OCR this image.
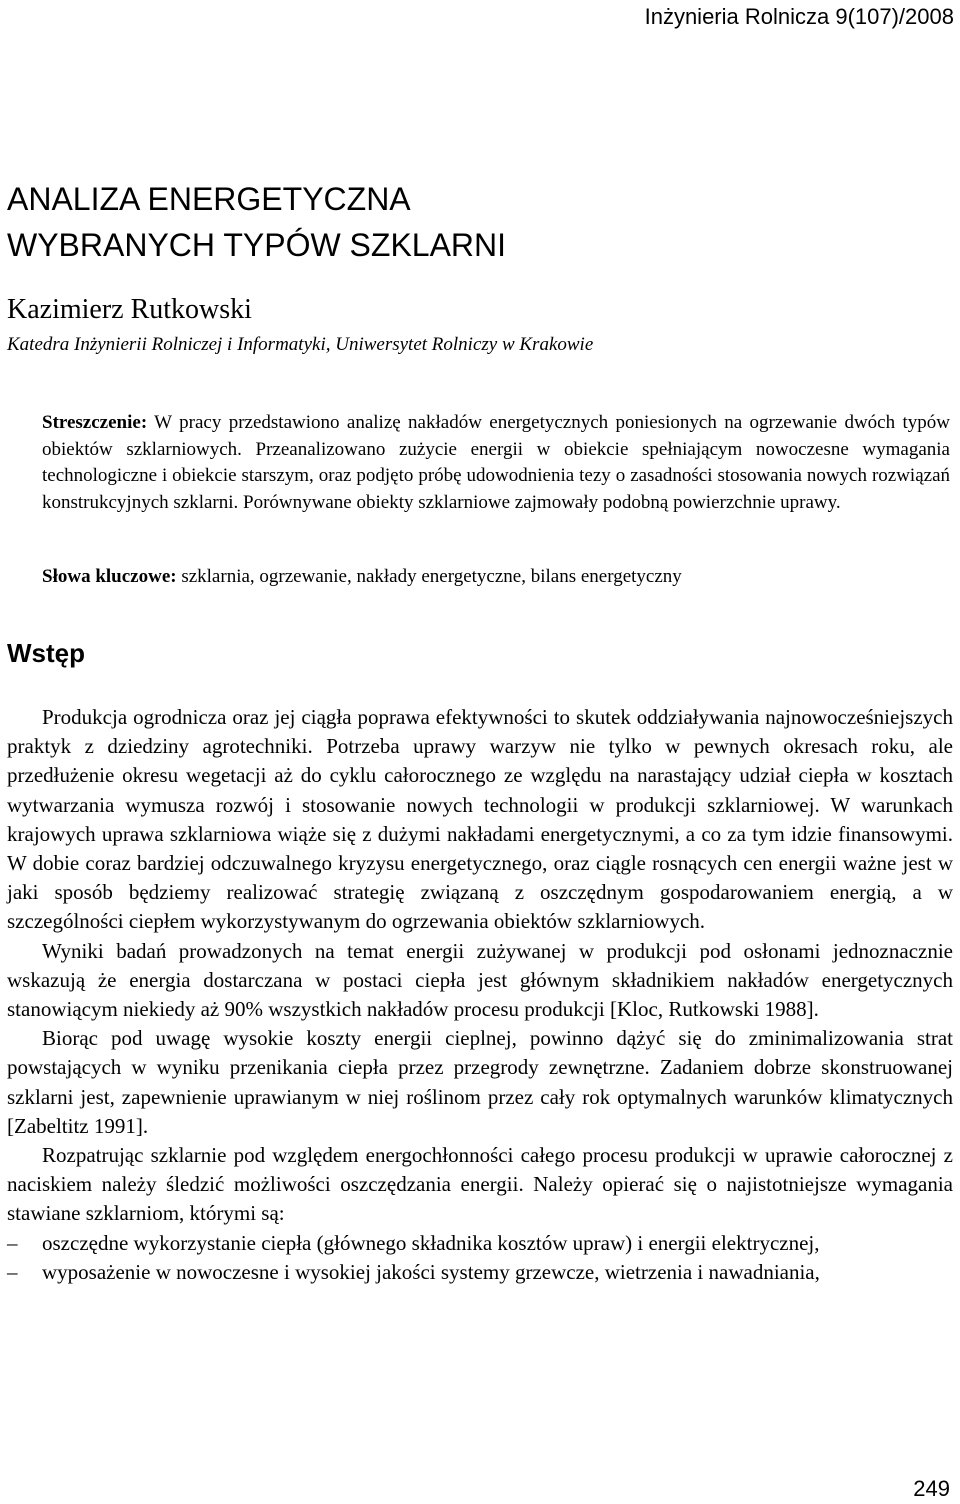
Inżynieria Rolnicza 9(107)/2008
ANALIZA ENERGETYCZNA
WYBRANYCH TYPÓW SZKLARNI
Kazimierz Rutkowski
Katedra Inżynierii Rolniczej i Informatyki, Uniwersytet Rolniczy w Krakowie

Streszczenie: W pracy przedstawiono analizę nakładów energetycznych poniesionych na ogrzewanie dwóch typów obiektów szklarniowych. Przeanalizowano zużycie energii w obiekcie spełniającym nowoczesne wymagania technologiczne i obiekcie starszym, oraz podjęto próbę udowodnienia tezy o zasadności stosowania nowych rozwiązań konstrukcyjnych szklarni. Porównywane obiekty szklarniowe zajmowały podobną powierzchnie uprawy.

Słowa kluczowe: szklarnia, ogrzewanie, nakłady energetyczne, bilans energetyczny
Wstęp

Produkcja ogrodnicza oraz jej ciągła poprawa efektywności to skutek oddziaływania najnowocześniejszych praktyk z dziedziny agrotechniki. Potrzeba uprawy warzyw nie tylko w pewnych okresach roku, ale przedłużenie okresu wegetacji aż do cyklu całorocznego ze względu na narastający udział ciepła w kosztach wytwarzania wymusza rozwój i stosowanie nowych technologii w produkcji szklarniowej. W warunkach krajowych uprawa szklarniowa wiąże się z dużymi nakładami energetycznymi, a co za tym idzie finansowymi. W dobie coraz bardziej odczuwalnego kryzysu energetycznego, oraz ciągle rosnących cen energii ważne jest w jaki sposób będziemy realizować strategię związaną z oszczędnym gospodarowaniem energią, a w szczególności ciepłem wykorzystywanym do ogrzewania obiektów szklarniowych.

Wyniki badań prowadzonych na temat energii zużywanej w produkcji pod osłonami jednoznacznie wskazują że energia dostarczana w postaci ciepła jest głównym składnikiem nakładów energetycznych stanowiącym niekiedy aż 90% wszystkich nakładów procesu produkcji [Kloc, Rutkowski 1988].

Biorąc pod uwagę wysokie koszty energii cieplnej, powinno dążyć się do zminimalizowania strat powstających w wyniku przenikania ciepła przez przegrody zewnętrzne. Zadaniem dobrze skonstruowanej szklarni jest, zapewnienie uprawianym w niej roślinom przez cały rok optymalnych warunków klimatycznych [Zabeltitz 1991].

Rozpatrując szklarnie pod względem energochłonności całego procesu produkcji w uprawie całorocznej z naciskiem należy śledzić możliwości oszczędzania energii. Należy opierać się o najistotniejsze wymagania stawiane szklarniom, którymi są:

– oszczędne wykorzystanie ciepła (głównego składnika kosztów upraw) i energii elektrycznej,
– wyposażenie w nowoczesne i wysokiej jakości systemy grzewcze, wietrzenia i nawadniania,
249
